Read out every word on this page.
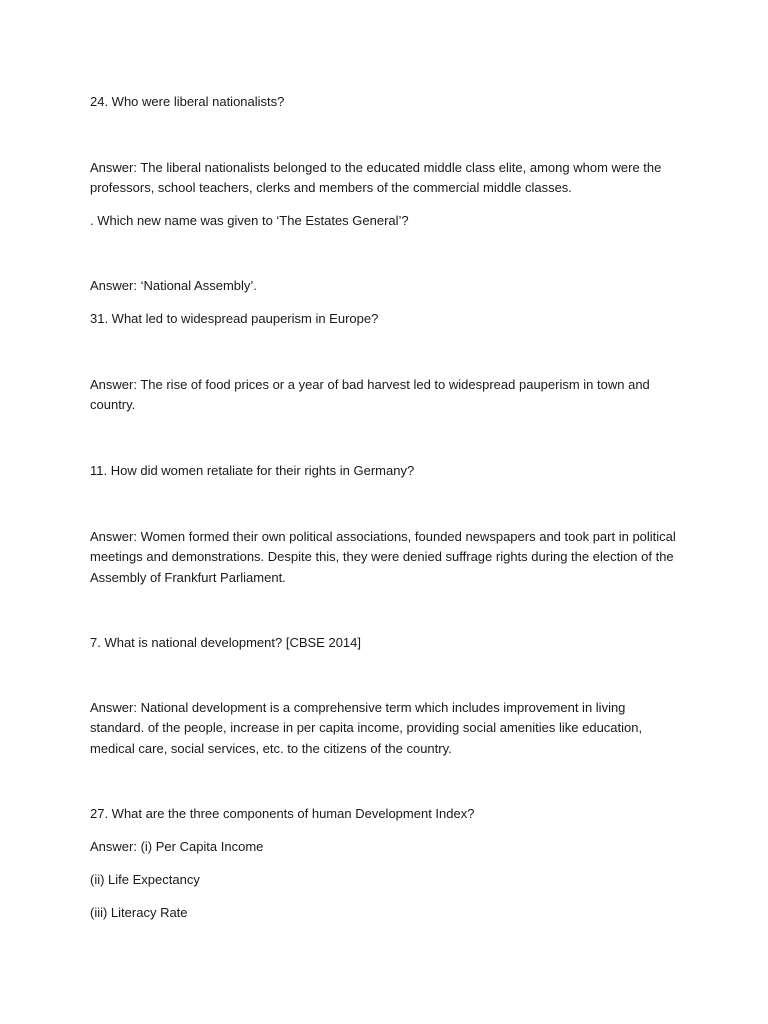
24. Who were liberal nationalists?

Answer: The liberal nationalists belonged to the educated middle class elite, among whom were the professors, school teachers, clerks and members of the commercial middle classes.

. Which new name was given to ‘The Estates General’?

Answer: ‘National Assembly’.

31. What led to widespread pauperism in Europe?

Answer: The rise of food prices or a year of bad harvest led to widespread pauperism in town and country.

11. How did women retaliate for their rights in Germany?

Answer: Women formed their own political associations, founded newspapers and took part in political meetings and demonstrations. Despite this, they were denied suffrage rights during the election of the Assembly of Frankfurt Parliament.

7. What is national development? [CBSE 2014]

Answer: National development is a comprehensive term which includes improvement in living standard. of the people, increase in per capita income, providing social amenities like education, medical care, social services, etc. to the citizens of the country.

27. What are the three components of human Development Index?

Answer: (i) Per Capita Income

(ii) Life Expectancy

(iii) Literacy Rate
